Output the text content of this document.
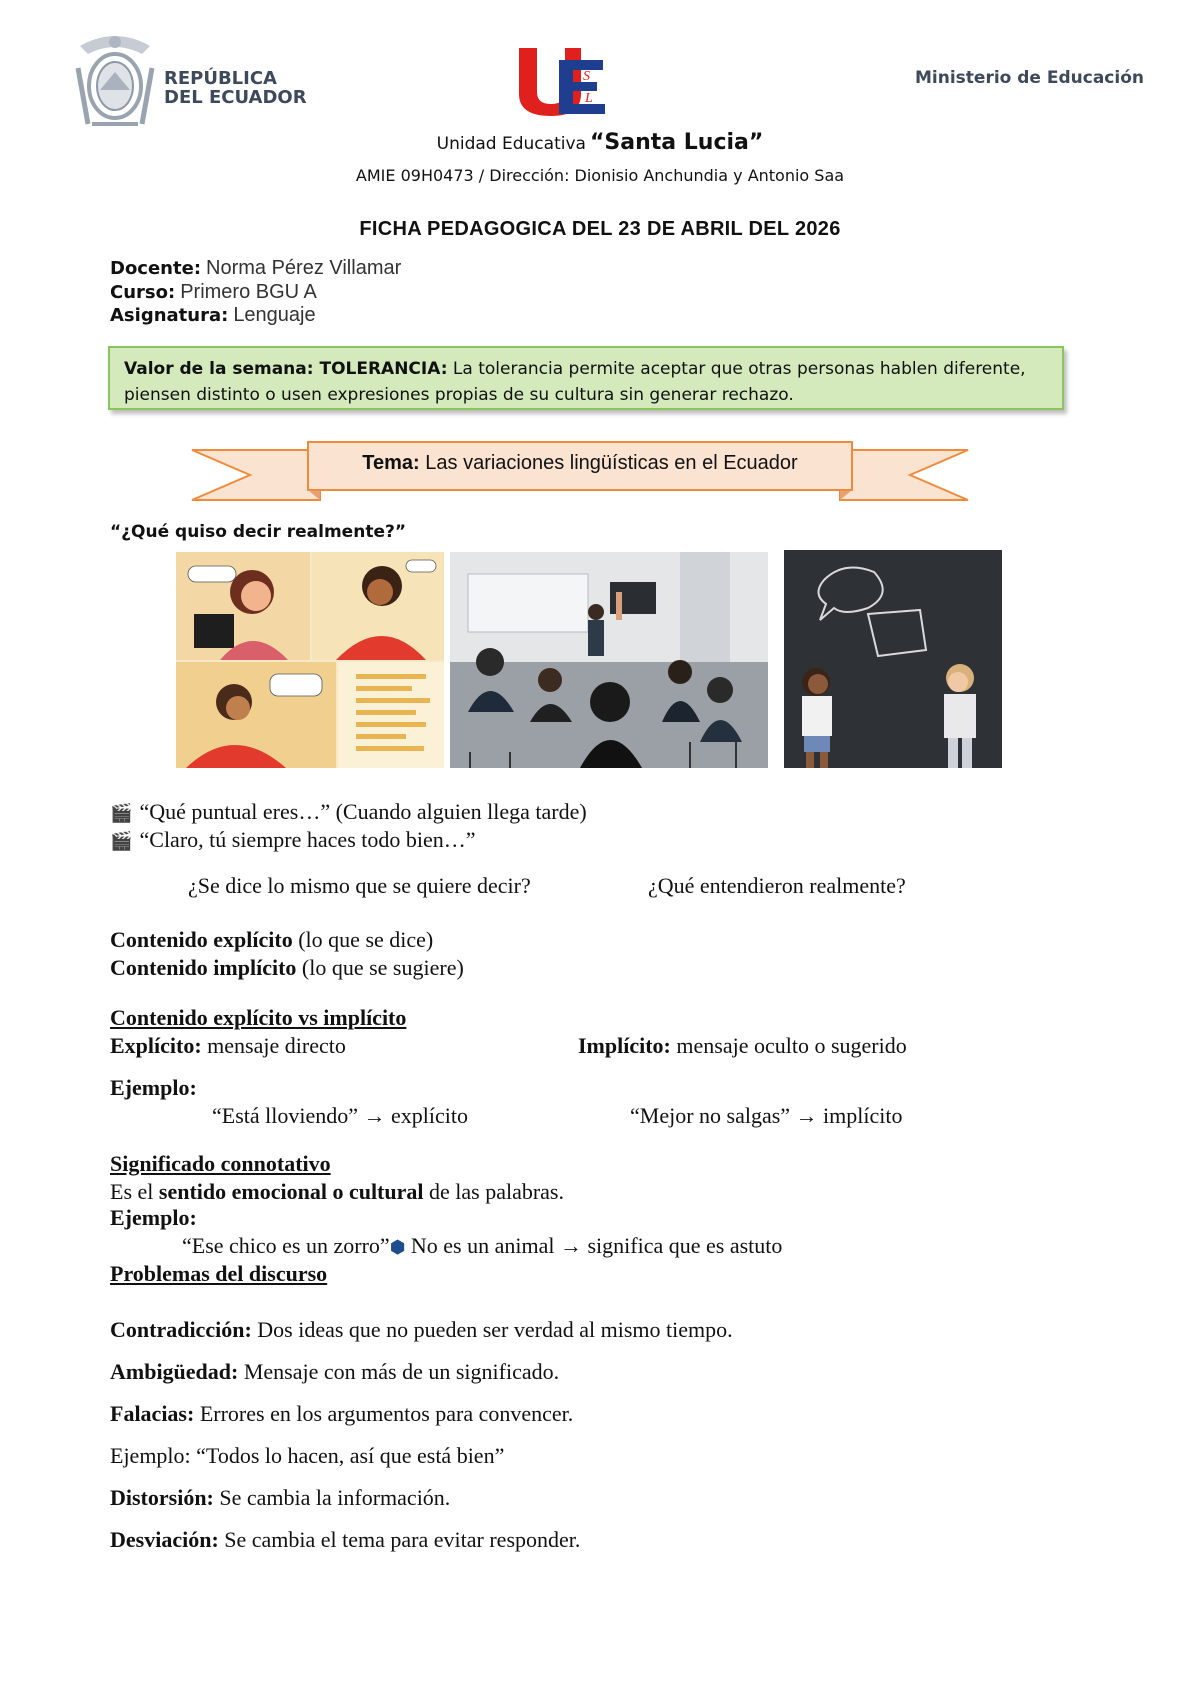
REPÚBLICA
DEL ECUADOR
S
L
Ministerio de Educación
Unidad Educativa “Santa Lucia”
AMIE 09H0473 / Dirección: Dionisio Anchundia y Antonio Saa
FICHA PEDAGOGICA DEL 23 DE ABRIL DEL 2026
Docente: Norma Pérez Villamar
Curso: Primero BGU A
Asignatura: Lenguaje
Valor de la semana: TOLERANCIA: La tolerancia permite aceptar que otras personas hablen diferente, piensen distinto o usen expresiones propias de su cultura sin generar rechazo.
Tema: Las variaciones lingüísticas en el Ecuador
“¿Qué quiso decir realmente?”
🎬 “Qué puntual eres…” (Cuando alguien llega tarde)
🎬 “Claro, tú siempre haces todo bien…”
¿Se dice lo mismo que se quiere decir?	¿Qué entendieron realmente?
Contenido explícito (lo que se dice)
Contenido implícito (lo que se sugiere)
Contenido explícito vs implícito
Explícito: mensaje directo	Implícito: mensaje oculto o sugerido
Ejemplo:
“Está lloviendo” → explícito	“Mejor no salgas” → implícito
Significado connotativo
Es el sentido emocional o cultural de las palabras.
Ejemplo:
“Ese chico es un zorro”⬢ No es un animal → significa que es astuto
Problemas del discurso
Contradicción: Dos ideas que no pueden ser verdad al mismo tiempo.
Ambigüedad: Mensaje con más de un significado.
Falacias: Errores en los argumentos para convencer.
Ejemplo: “Todos lo hacen, así que está bien”
Distorsión: Se cambia la información.
Desviación: Se cambia el tema para evitar responder.
